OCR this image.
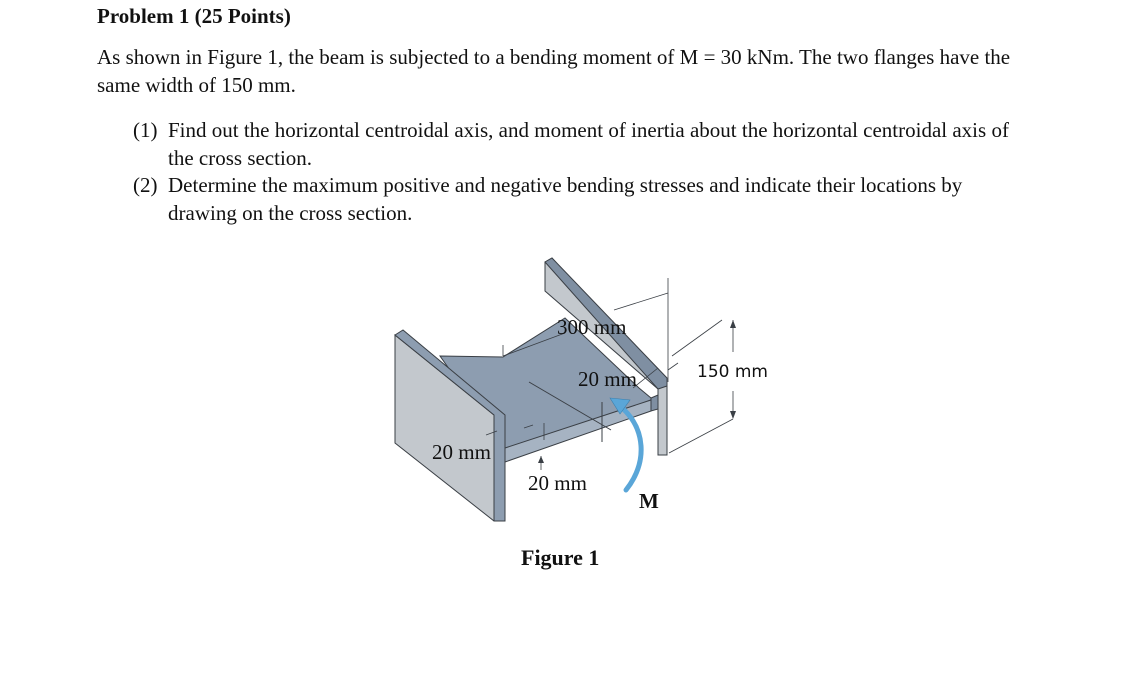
Problem 1 (25 Points)

As shown in Figure 1, the beam is subjected to a bending moment of M = 30 kNm. The two flanges have the same width of 150 mm.

(1) Find out the horizontal centroidal axis, and moment of inertia about the horizontal centroidal axis of the cross section.
(2) Determine the maximum positive and negative bending stresses and indicate their locations by drawing on the cross section.
300 mm
20 mm	150 mm
20 mm
20 mm
M

Figure 1
